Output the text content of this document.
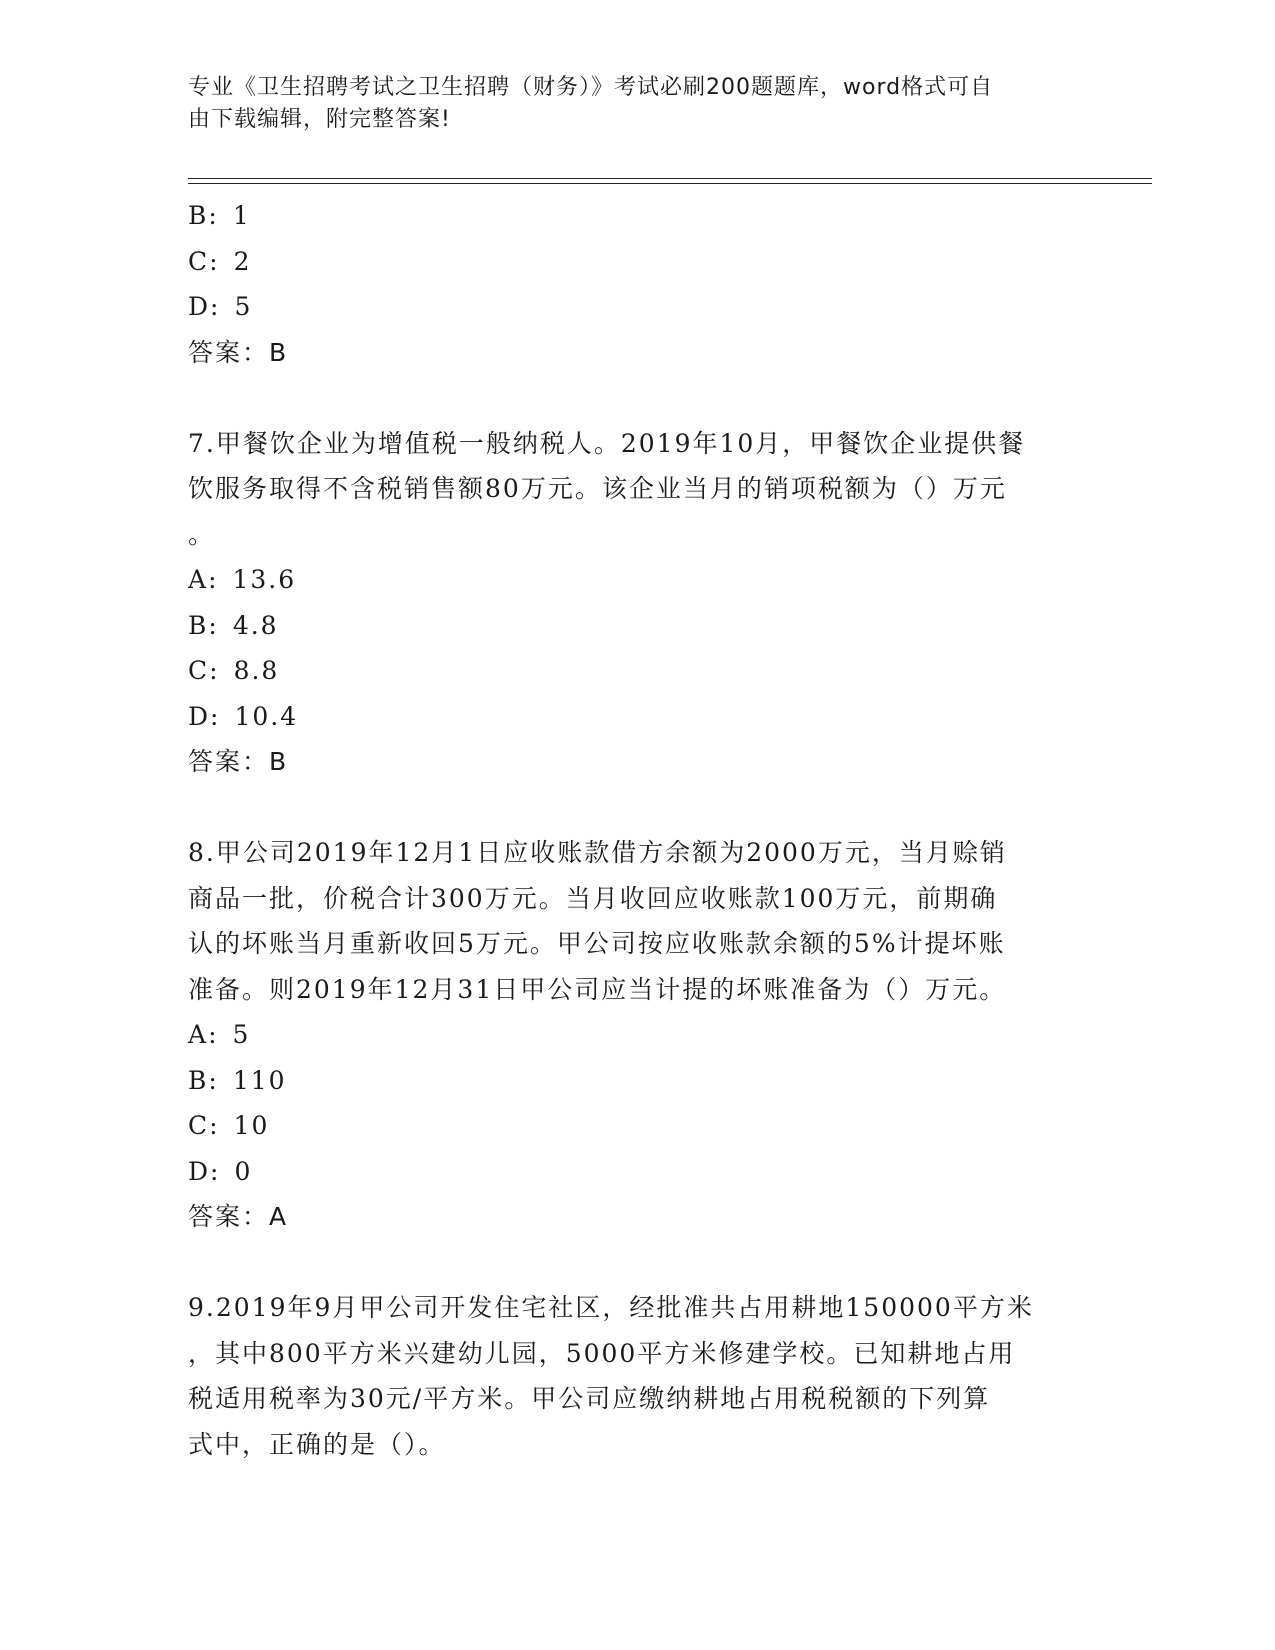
专业《卫生招聘考试之卫生招聘（财务）》考试必刷200题题库，word格式可自
由下载编辑，附完整答案!
B: 1
C: 2
D: 5
答案：B
7.甲餐饮企业为增值税一般纳税人。2019年10月，甲餐饮企业提供餐
饮服务取得不含税销售额80万元。该企业当月的销项税额为（）万元
。
A: 13.6
B: 4.8
C: 8.8
D: 10.4
答案：B
8.甲公司2019年12月1日应收账款借方余额为2000万元，当月赊销
商品一批，价税合计300万元。当月收回应收账款100万元，前期确
认的坏账当月重新收回5万元。甲公司按应收账款余额的5%计提坏账
准备。则2019年12月31日甲公司应当计提的坏账准备为（）万元。
A: 5
B: 110
C: 10
D: 0
答案：A
9.2019年9月甲公司开发住宅社区，经批准共占用耕地150000平方米
，其中800平方米兴建幼儿园，5000平方米修建学校。已知耕地占用
税适用税率为30元/平方米。甲公司应缴纳耕地占用税税额的下列算
式中，正确的是（）。
